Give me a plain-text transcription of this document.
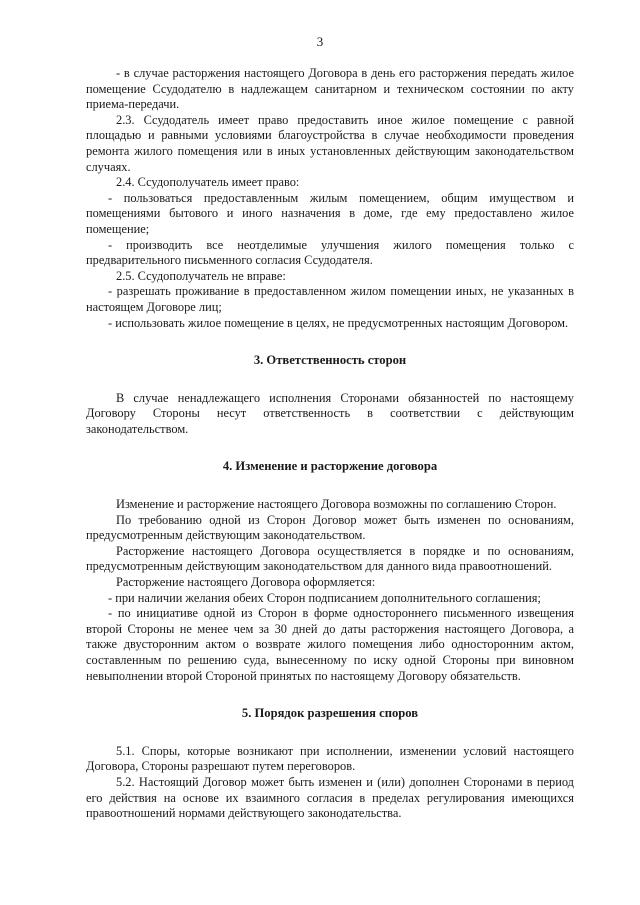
3

- в случае расторжения настоящего Договора в день его расторжения передать жилое помещение Ссудодателю в надлежащем санитарном и техническом состоянии по акту приема-передачи.

2.3. Ссудодатель имеет право предоставить иное жилое помещение с равной площадью и равными условиями благоустройства в случае необходимости проведения ремонта жилого помещения или в иных установленных действующим законодательством случаях.

2.4. Ссудополучатель имеет право:

- пользоваться предоставленным жилым помещением, общим имуществом и помещениями бытового и иного назначения в доме, где ему предоставлено жилое помещение;

- производить все неотделимые улучшения жилого помещения только с предварительного письменного согласия Ссудодателя.

2.5. Ссудополучатель не вправе:

- разрешать проживание в предоставленном жилом помещении иных, не указанных в настоящем Договоре лиц;

- использовать жилое помещение в целях, не предусмотренных настоящим Договором.

3. Ответственность сторон

В случае ненадлежащего исполнения Сторонами обязанностей по настоящему Договору Стороны несут ответственность в соответствии с действующим законодательством.

4. Изменение и расторжение договора

Изменение и расторжение настоящего Договора возможны по соглашению Сторон.

По требованию одной из Сторон Договор может быть изменен по основаниям, предусмотренным действующим законодательством.

Расторжение настоящего Договора осуществляется в порядке и по основаниям, предусмотренным действующим законодательством для данного вида правоотношений.

Расторжение настоящего Договора оформляется:

- при наличии желания обеих Сторон подписанием дополнительного соглашения;

- по инициативе одной из Сторон в форме одностороннего письменного извещения второй Стороны не менее чем за 30 дней до даты расторжения настоящего Договора, а также двусторонним актом о возврате жилого помещения либо односторонним актом, составленным по решению суда, вынесенному по иску одной Стороны при виновном невыполнении второй Стороной принятых по настоящему Договору обязательств.

5. Порядок разрешения споров

5.1. Споры, которые возникают при исполнении, изменении условий настоящего Договора, Стороны разрешают путем переговоров.

5.2. Настоящий Договор может быть изменен и (или) дополнен Сторонами в период его действия на основе их взаимного согласия в пределах регулирования имеющихся правоотношений нормами действующего законодательства.
